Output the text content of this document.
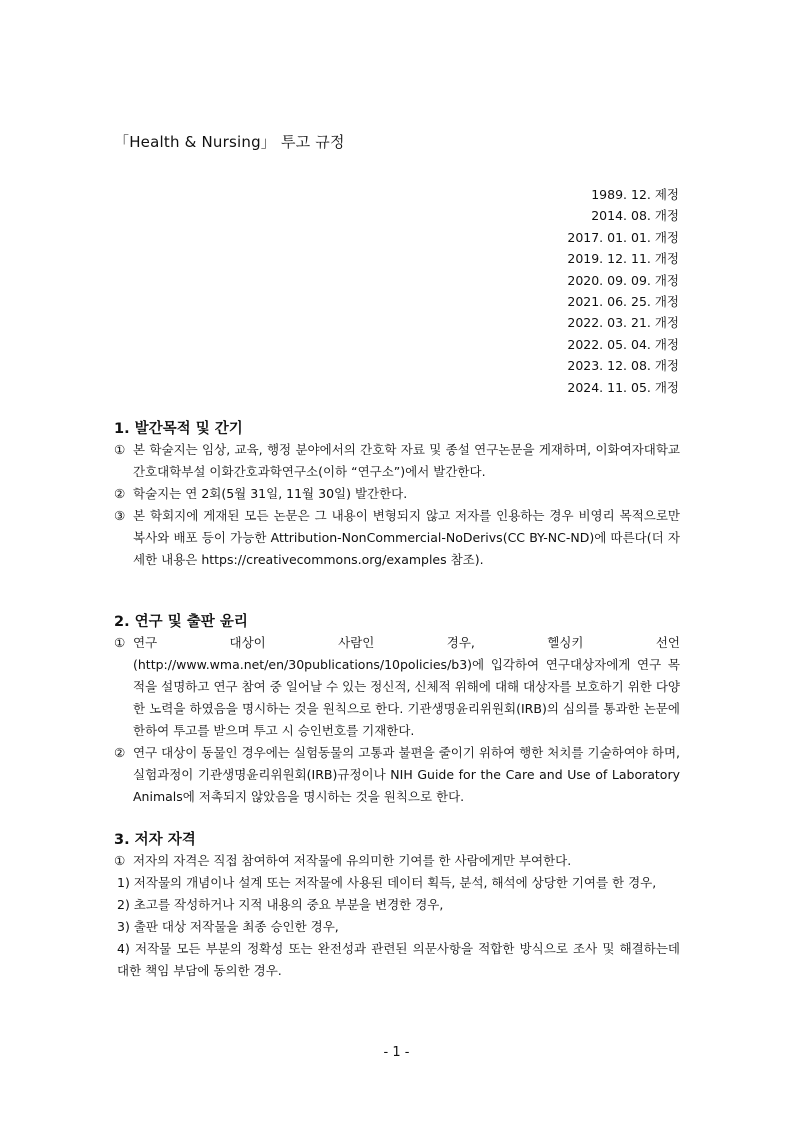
「Health & Nursing」 투고 규정
1989. 12. 제정
2014. 08. 개정
2017. 01. 01. 개정
2019. 12. 11. 개정
2020. 09. 09. 개정
2021. 06. 25. 개정
2022. 03. 21. 개정
2022. 05. 04. 개정
2023. 12. 08. 개정
2024. 11. 05. 개정
1. 발간목적 및 간기
① 본 학술지는 임상, 교육, 행정 분야에서의 간호학 자료 및 종설 연구논문을 게재하며, 이화여자대학교 간호대학부설 이화간호과학연구소(이하 “연구소”)에서 발간한다.
② 학술지는 연 2회(5월 31일, 11월 30일) 발간한다.
③ 본 학회지에 게재된 모든 논문은 그 내용이 변형되지 않고 저자를 인용하는 경우 비영리 목적으로만 복사와 배포 등이 가능한 Attribution-NonCommercial-NoDerivs(CC BY-NC-ND)에 따른다(더 자세한 내용은 https://creativecommons.org/examples 참조).
2. 연구 및 출판 윤리
① 연구 대상이 사람인 경우, 헬싱키 선언 (http://www.wma.net/en/30publications/10policies/b3)에 입각하여 연구대상자에게 연구 목적을 설명하고 연구 참여 중 일어날 수 있는 정신적, 신체적 위해에 대해 대상자를 보호하기 위한 다양한 노력을 하였음을 명시하는 것을 원칙으로 한다. 기관생명윤리위원회(IRB)의 심의를 통과한 논문에 한하여 투고를 받으며 투고 시 승인번호를 기재한다.
② 연구 대상이 동물인 경우에는 실험동물의 고통과 불편을 줄이기 위하여 행한 처치를 기술하여야 하며, 실험과정이 기관생명윤리위원회(IRB)규정이나 NIH Guide for the Care and Use of Laboratory Animals에 저촉되지 않았음을 명시하는 것을 원칙으로 한다.
3. 저자 자격
① 저자의 자격은 직접 참여하여 저작물에 유의미한 기여를 한 사람에게만 부여한다.
1) 저작물의 개념이나 설계 또는 저작물에 사용된 데이터 획득, 분석, 해석에 상당한 기여를 한 경우,
2) 초고를 작성하거나 지적 내용의 중요 부분을 변경한 경우,
3) 출판 대상 저작물을 최종 승인한 경우,
4) 저작물 모든 부분의 정확성 또는 완전성과 관련된 의문사항을 적합한 방식으로 조사 및 해결하는데 대한 책임 부담에 동의한 경우.
- 1 -
